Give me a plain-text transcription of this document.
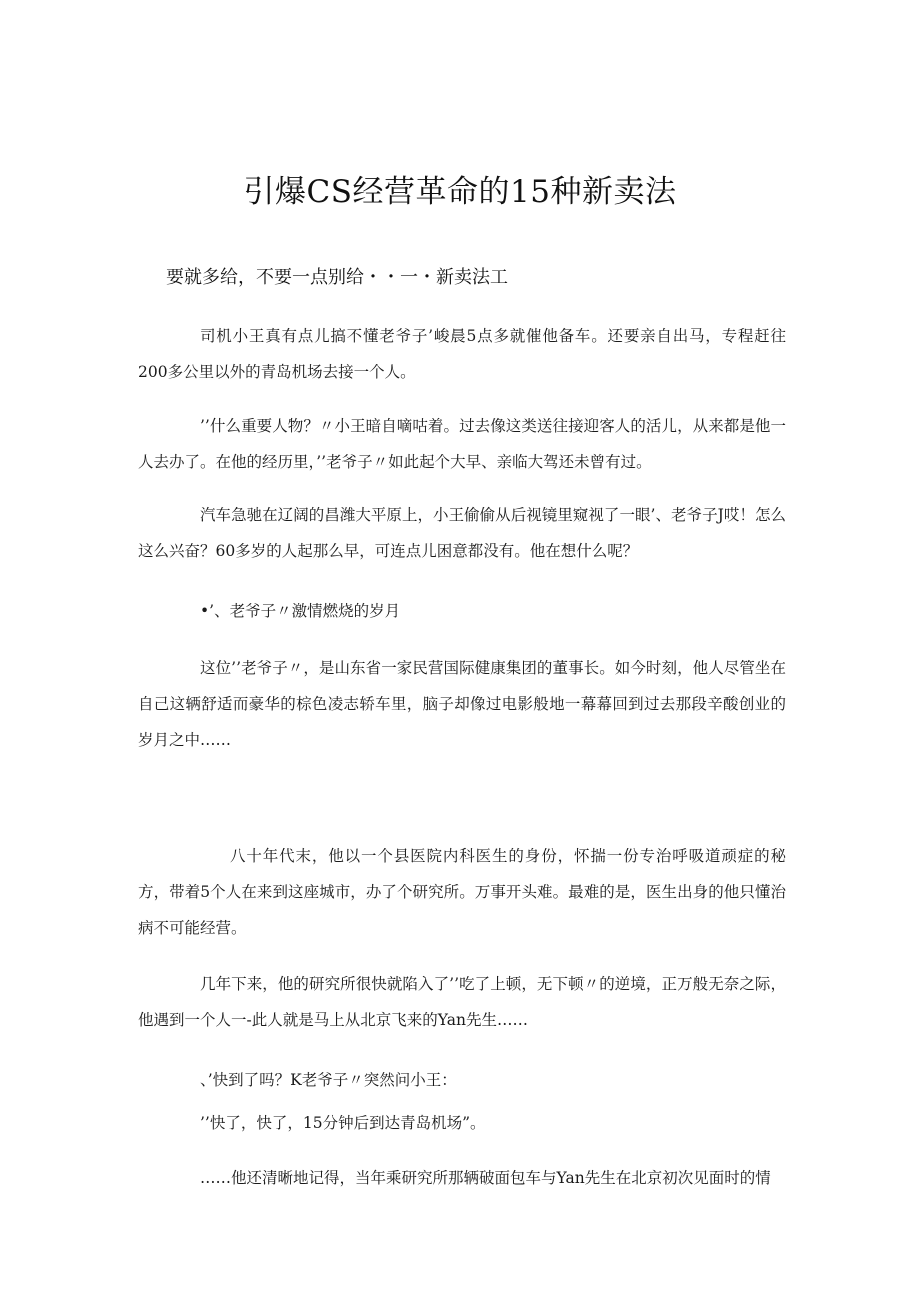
引爆CS经营革命的15种新卖法
要就多给，不要一点别给・・一・新卖法工
司机小王真有点儿搞不懂老爷子’峻晨5点多就催他备车。还要亲自出马，专程赶往200多公里以外的青岛机场去接一个人。
’’什么重要人物？〃小王暗自嘀咕着。过去像这类送往接迎客人的活儿，从来都是他一人去办了。在他的经历里，’’老爷子〃如此起个大早、亲临大驾还未曾有过。
汽车急驰在辽阔的昌潍大平原上，小王偷偷从后视镜里窥视了一眼’、老爷子J哎！怎么这么兴奋？60多岁的人起那么早，可连点儿困意都没有。他在想什么呢？
•’、老爷子〃激情燃烧的岁月
这位’’老爷子〃，是山东省一家民营国际健康集团的董事长。如今时刻，他人尽管坐在自己这辆舒适而豪华的棕色凌志轿车里，脑子却像过电影般地一幕幕回到过去那段辛酸创业的岁月之中……
八十年代末，他以一个县医院内科医生的身份，怀揣一份专治呼吸道顽症的秘方，带着5个人在来到这座城市，办了个研究所。万事开头难。最难的是，医生出身的他只懂治病不可能经营。
几年下来，他的研究所很快就陷入了’’吃了上顿，无下顿〃的逆境，正万般无奈之际，他遇到一个人一-此人就是马上从北京飞来的Yan先生……
、’快到了吗？K老爷子〃突然问小王：
’’快了，快了，15分钟后到达青岛机场”。
……他还清晰地记得，当年乘研究所那辆破面包车与Yan先生在北京初次见面时的情
